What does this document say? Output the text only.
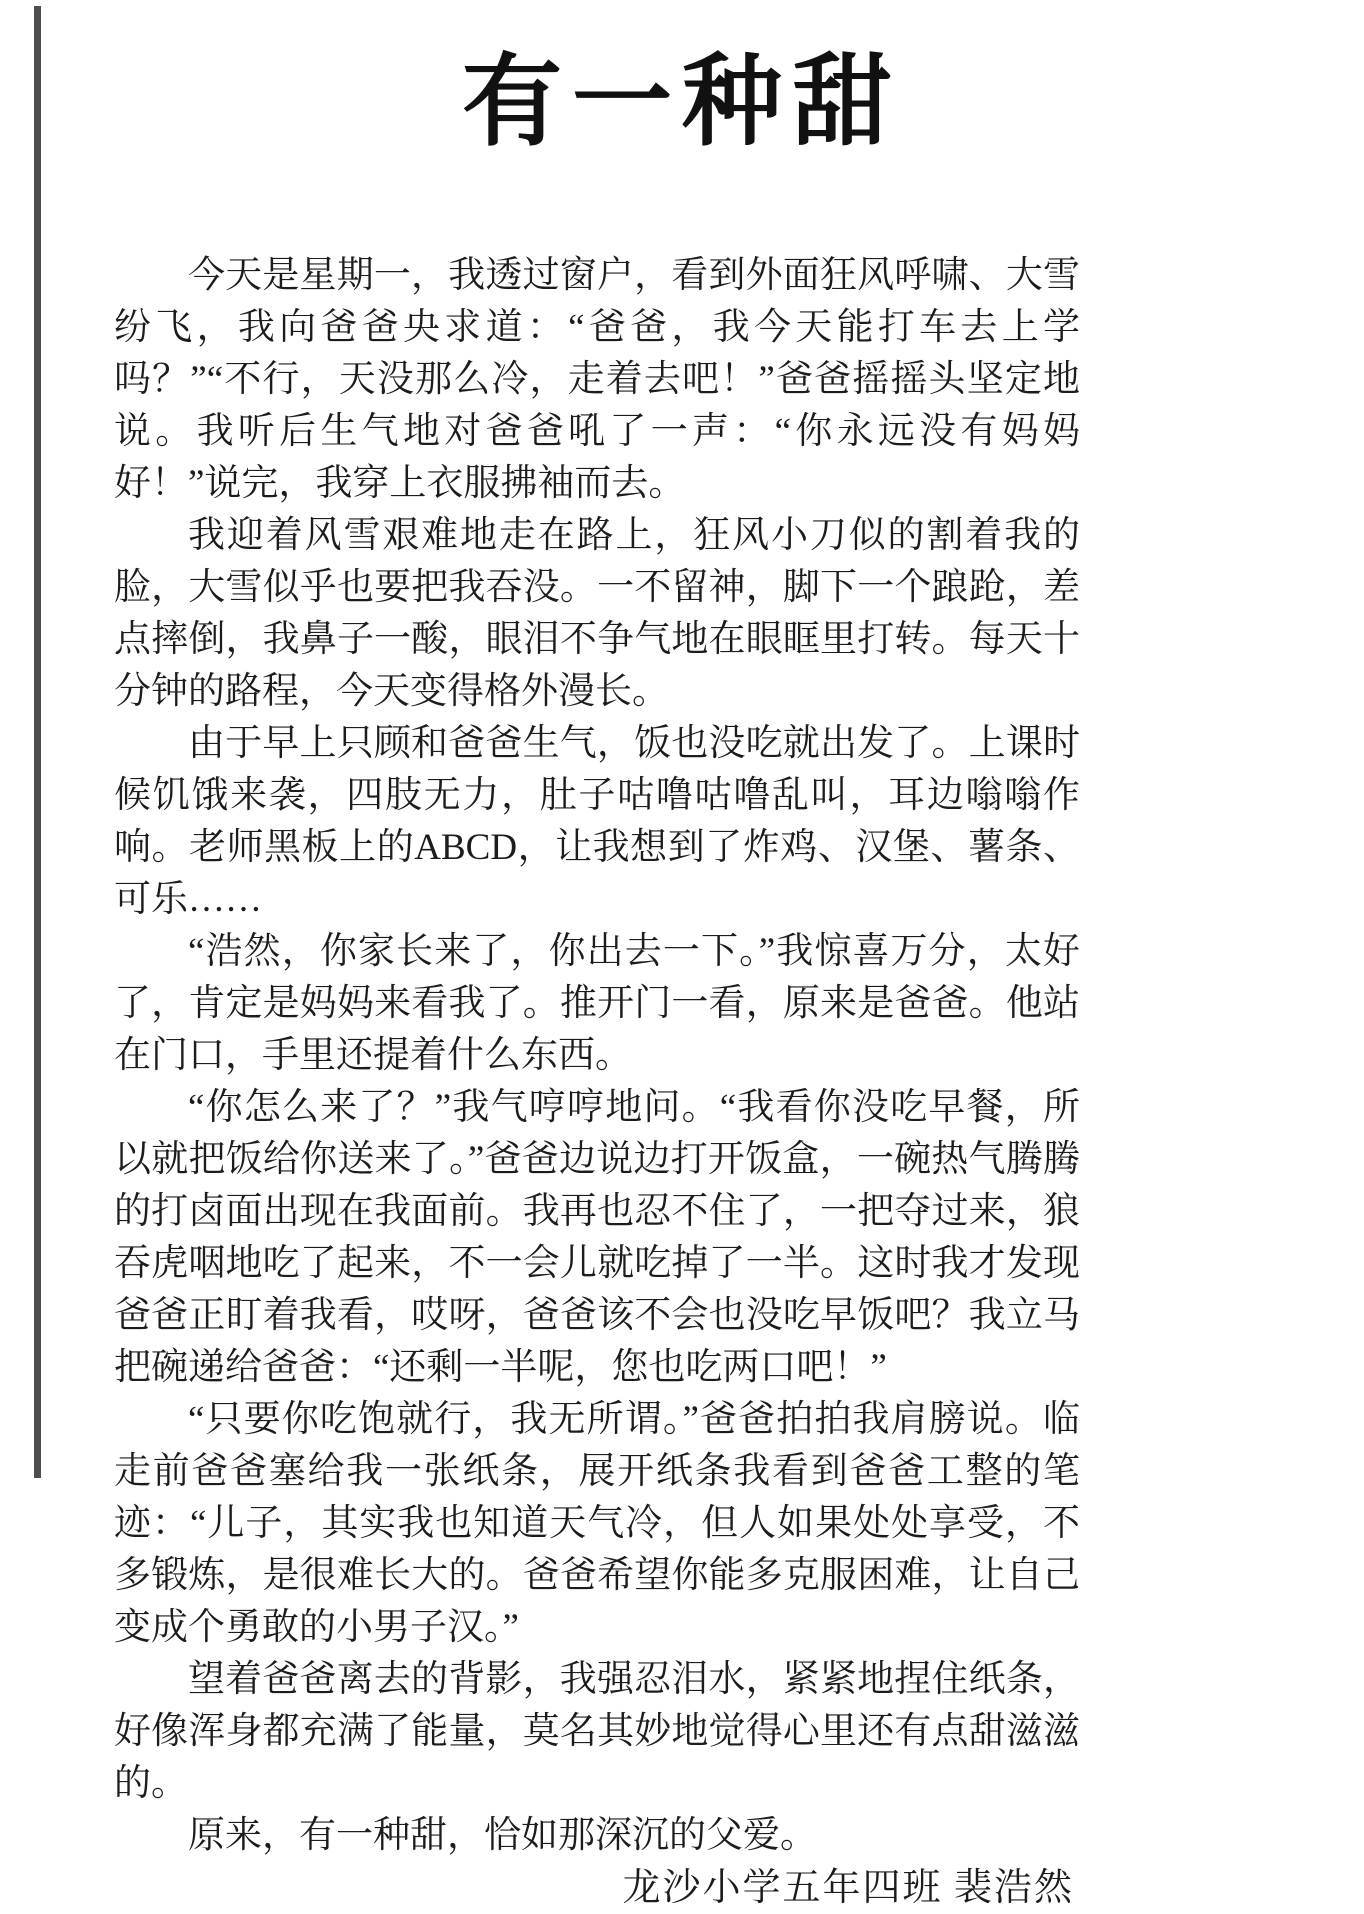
有一种甜

今天是星期一，我透过窗户，看到外面狂风呼啸、大雪纷飞，我向爸爸央求道：“爸爸，我今天能打车去上学吗？”“不行，天没那么冷，走着去吧！”爸爸摇摇头坚定地说。我听后生气地对爸爸吼了一声：“你永远没有妈妈好！”说完，我穿上衣服拂袖而去。

我迎着风雪艰难地走在路上，狂风小刀似的割着我的脸，大雪似乎也要把我吞没。一不留神，脚下一个踉跄，差点摔倒，我鼻子一酸，眼泪不争气地在眼眶里打转。每天十分钟的路程，今天变得格外漫长。

由于早上只顾和爸爸生气，饭也没吃就出发了。上课时候饥饿来袭，四肢无力，肚子咕噜咕噜乱叫，耳边嗡嗡作响。老师黑板上的ABCD，让我想到了炸鸡、汉堡、薯条、可乐……

“浩然，你家长来了，你出去一下。”我惊喜万分，太好了，肯定是妈妈来看我了。推开门一看，原来是爸爸。他站在门口，手里还提着什么东西。

“你怎么来了？”我气哼哼地问。“我看你没吃早餐，所以就把饭给你送来了。”爸爸边说边打开饭盒，一碗热气腾腾的打卤面出现在我面前。我再也忍不住了，一把夺过来，狼吞虎咽地吃了起来，不一会儿就吃掉了一半。这时我才发现爸爸正盯着我看，哎呀，爸爸该不会也没吃早饭吧？我立马把碗递给爸爸：“还剩一半呢，您也吃两口吧！”

“只要你吃饱就行，我无所谓。”爸爸拍拍我肩膀说。临走前爸爸塞给我一张纸条，展开纸条我看到爸爸工整的笔迹：“儿子，其实我也知道天气冷，但人如果处处享受，不多锻炼，是很难长大的。爸爸希望你能多克服困难，让自己变成个勇敢的小男子汉。”

望着爸爸离去的背影，我强忍泪水，紧紧地捏住纸条，好像浑身都充满了能量，莫名其妙地觉得心里还有点甜滋滋的。

原来，有一种甜，恰如那深沉的父爱。

龙沙小学五年四班 裴浩然
